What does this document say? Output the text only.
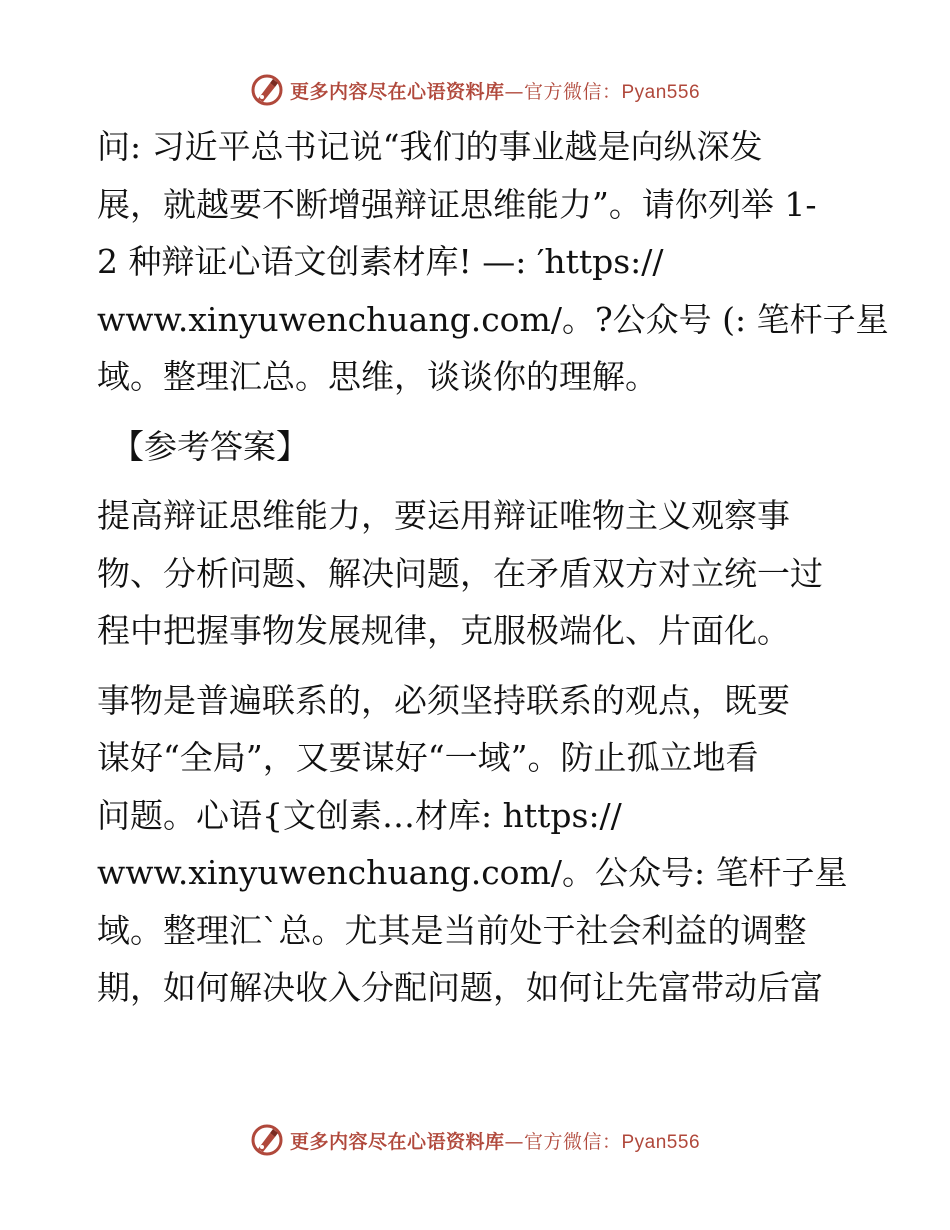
更多内容尽在心语资料库—官方微信：Pyan556
问: 习近平总书记说“我们的事业越是向纵深发
展，就越要不断增强辩证思维能力”。请你列举 1-
2 种辩证心语文创素材库! —: ′https://
www.xinyuwenchuang.com/。?公众号 (: 笔杆子星
域。整理汇总。思维，谈谈你的理解。
【参考答案】
提高辩证思维能力，要运用辩证唯物主义观察事
物、分析问题、解决问题，在矛盾双方对立统一过
程中把握事物发展规律，克服极端化、片面化。
事物是普遍联系的，必须坚持联系的观点，既要
谋好“全局”，又要谋好“一域”。防止孤立地看
问题。心语{文创素…材库: https://
www.xinyuwenchuang.com/。公众号: 笔杆子星
域。整理汇`总。尤其是当前处于社会利益的调整
期，如何解决收入分配问题，如何让先富带动后富
更多内容尽在心语资料库—官方微信：Pyan556
